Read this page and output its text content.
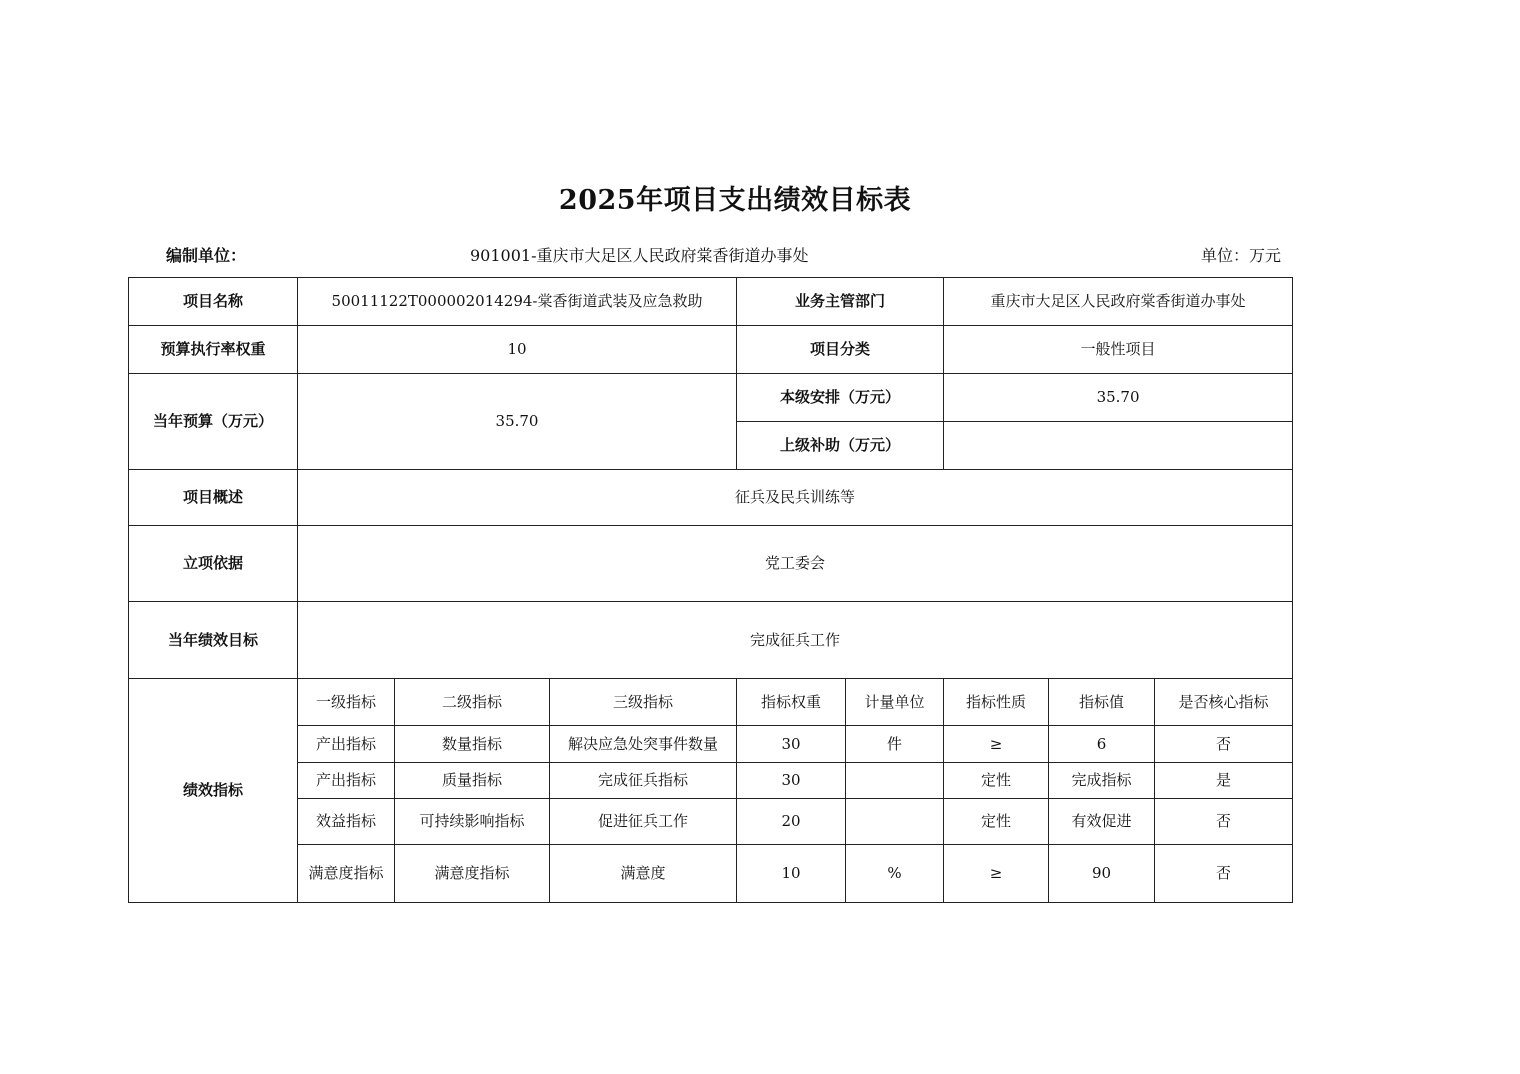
2025年项目支出绩效目标表
编制单位：	901001-重庆市大足区人民政府棠香街道办事处	单位：万元
项目名称	50011122T000002014294-棠香街道武装及应急救助			业务主管部门		重庆市大足区人民政府棠香街道办事处		
预算执行率权重	10			项目分类		一般性项目		
当年预算（万元）	35.70			本级安排（万元）		35.70		
				上级补助（万元）				
项目概述	征兵及民兵训练等							
立项依据	党工委会							
当年绩效目标	完成征兵工作							
绩效指标	一级指标	二级指标	三级指标	指标权重	计量单位	指标性质	指标值	是否核心指标
	产出指标	数量指标	解决应急处突事件数量	30	件	≥	6	否
	产出指标	质量指标	完成征兵指标	30		定性	完成指标	是
	效益指标	可持续影响指标	促进征兵工作	20		定性	有效促进	否
	满意度指标	满意度指标	满意度	10	%	≥	90	否
